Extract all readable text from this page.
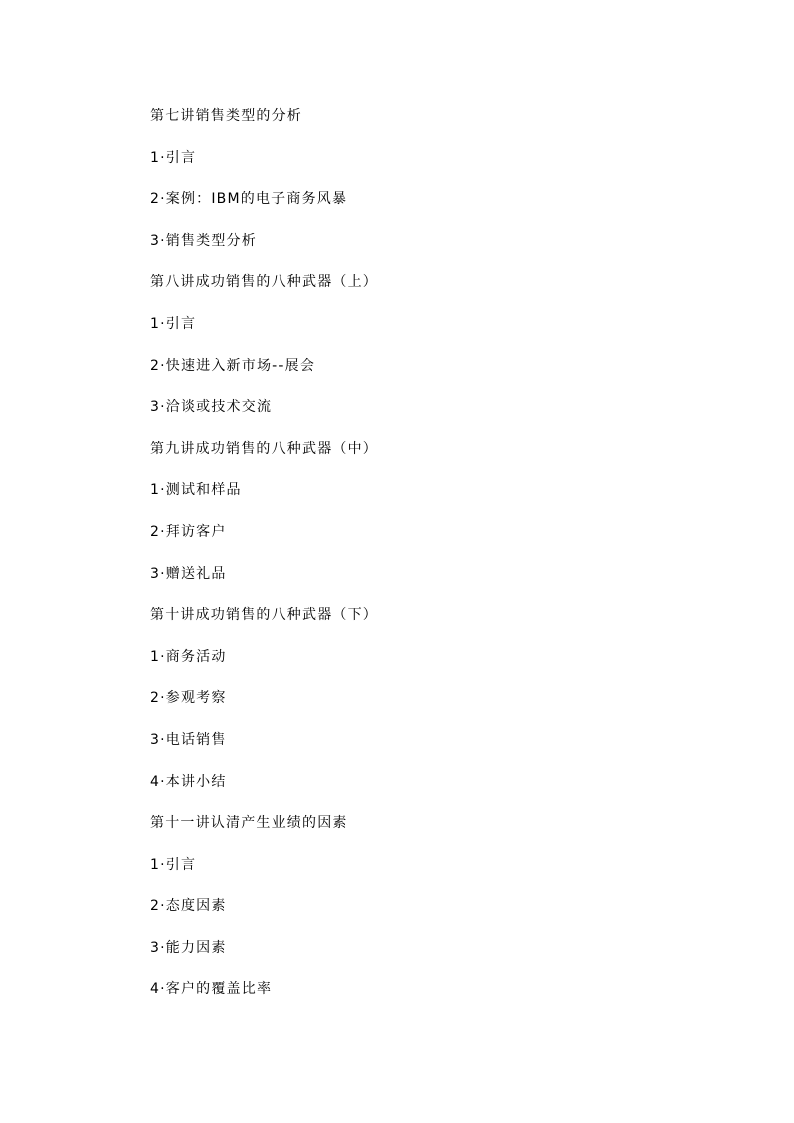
第七讲销售类型的分析
1·引言
2·案例：IBM的电子商务风暴
3·销售类型分析
第八讲成功销售的八种武器（上）
1·引言
2·快速进入新市场--展会
3·洽谈或技术交流
第九讲成功销售的八种武器（中）
1·测试和样品
2·拜访客户
3·赠送礼品
第十讲成功销售的八种武器（下）
1·商务活动
2·参观考察
3·电话销售
4·本讲小结
第十一讲认清产生业绩的因素
1·引言
2·态度因素
3·能力因素
4·客户的覆盖比率
